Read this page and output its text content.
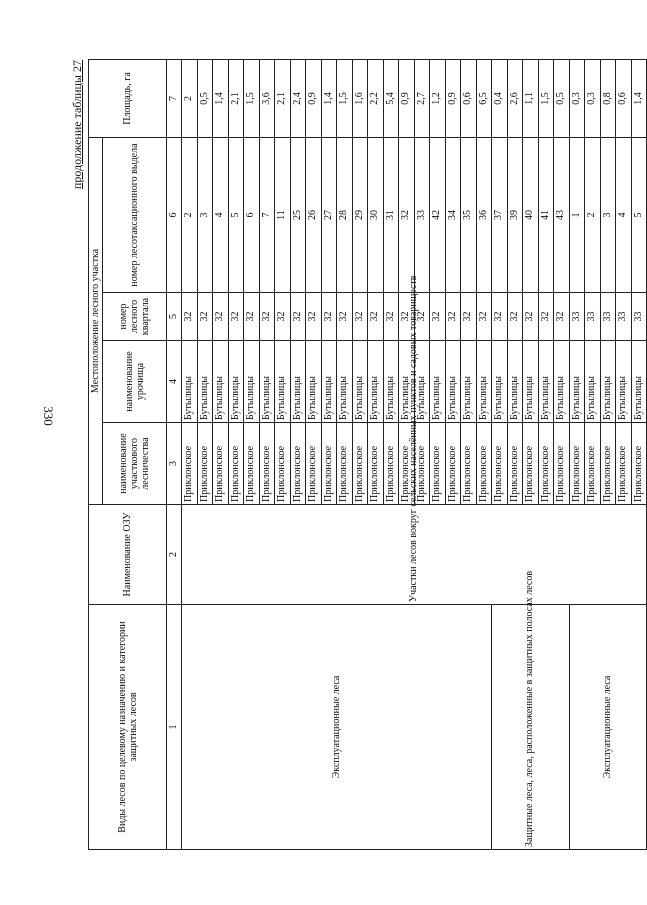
330
продолжение таблицы 27
Виды лесов по целевому назначению и категории защитных лесов	Наименование ОЗУ	Местоположение лесного участка				Площадь, га
		наименование участкового лесничества	наименование урочища	номер лесного квартала	номер лесотаксационного выдела	
1	2	3	4	5	6	7
Эксплуатационные леса	Участки лесов вокруг сельских населённых пунктов и садовых товариществ	Приклонское	Бутылицы	32	2	2
		Приклонское	Бутылицы	32	3	0,5
		Приклонское	Бутылицы	32	4	1,4
		Приклонское	Бутылицы	32	5	2,1
		Приклонское	Бутылицы	32	6	1,5
		Приклонское	Бутылицы	32	7	3,6
		Приклонское	Бутылицы	32	11	2,1
		Приклонское	Бутылицы	32	25	2,4
		Приклонское	Бутылицы	32	26	0,9
		Приклонское	Бутылицы	32	27	1,4
		Приклонское	Бутылицы	32	28	1,5
		Приклонское	Бутылицы	32	29	1,6
		Приклонское	Бутылицы	32	30	2,2
		Приклонское	Бутылицы	32	31	5,4
		Приклонское	Бутылицы	32	32	0,9
		Приклонское	Бутылицы	32	33	2,7
		Приклонское	Бутылицы	32	42	1,2
		Приклонское	Бутылицы	32	34	0,9
		Приклонское	Бутылицы	32	35	0,6
		Приклонское	Бутылицы	32	36	6,5
Защитные леса, леса, расположенные в защитных полосах лесов		Приклонское	Бутылицы	32	37	0,4
		Приклонское	Бутылицы	32	39	2,6
		Приклонское	Бутылицы	32	40	1,1
		Приклонское	Бутылицы	32	41	1,5
		Приклонское	Бутылицы	32	43	0,5
Эксплуатационные леса		Приклонское	Бутылицы	33	1	0,3
		Приклонское	Бутылицы	33	2	0,3
		Приклонское	Бутылицы	33	3	0,8
		Приклонское	Бутылицы	33	4	0,6
		Приклонское	Бутылицы	33	5	1,4
